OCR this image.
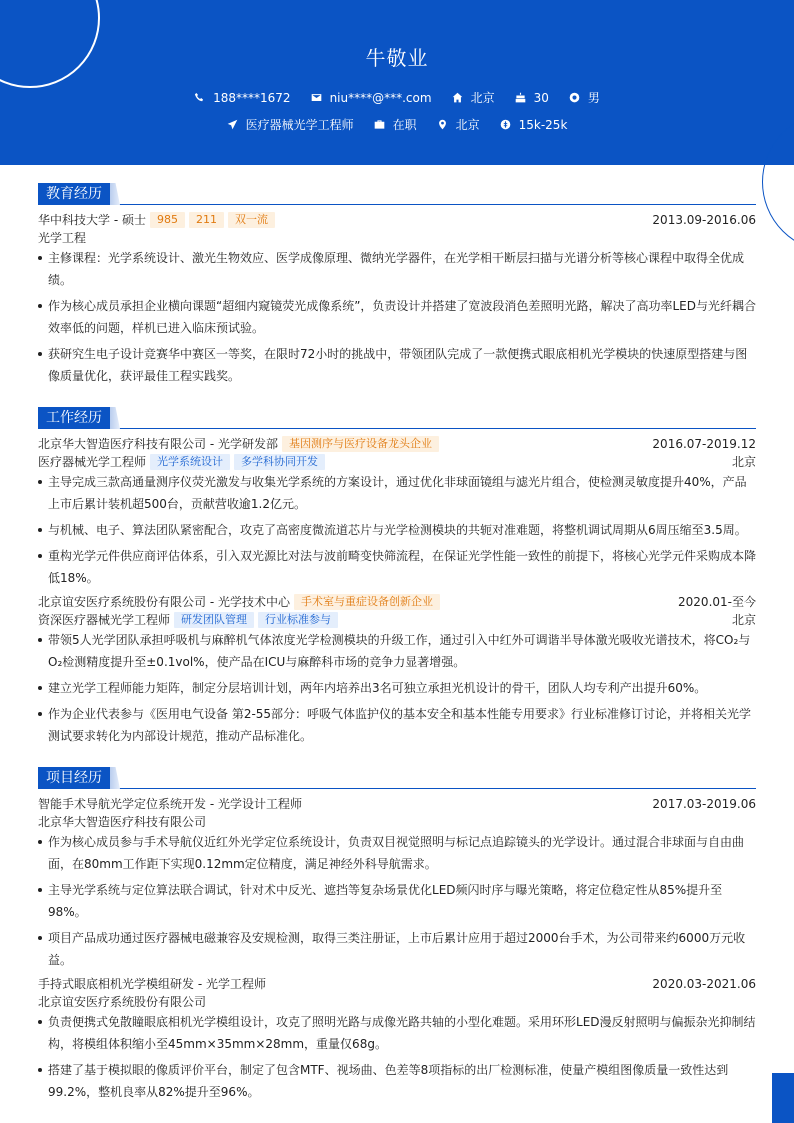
牛敬业
188****1672	niu****@***.com	北京	30	男
医疗器械光学工程师	在职	北京	15k-25k
教育经历
华中科技大学 - 硕士	985	211	双一流	2013.09-2016.06
光学工程
主修课程：光学系统设计、激光生物效应、医学成像原理、微纳光学器件，在光学相干断层扫描与光谱分析等核心课程中取得全优成绩。
作为核心成员承担企业横向课题“超细内窥镜荧光成像系统”，负责设计并搭建了宽波段消色差照明光路，解决了高功率LED与光纤耦合效率低的问题，样机已进入临床预试验。
获研究生电子设计竞赛华中赛区一等奖，在限时72小时的挑战中，带领团队完成了一款便携式眼底相机光学模块的快速原型搭建与图像质量优化，获评最佳工程实践奖。
工作经历
北京华大智造医疗科技有限公司 - 光学研发部	基因测序与医疗设备龙头企业	2016.07-2019.12
医疗器械光学工程师	光学系统设计	多学科协同开发	北京
主导完成三款高通量测序仪荧光激发与收集光学系统的方案设计，通过优化非球面镜组与滤光片组合，使检测灵敏度提升40%，产品上市后累计装机超500台，贡献营收逾1.2亿元。
与机械、电子、算法团队紧密配合，攻克了高密度微流道芯片与光学检测模块的共轭对准难题，将整机调试周期从6周压缩至3.5周。
重构光学元件供应商评估体系，引入双光源比对法与波前畸变快筛流程，在保证光学性能一致性的前提下，将核心光学元件采购成本降低18%。
北京谊安医疗系统股份有限公司 - 光学技术中心	手术室与重症设备创新企业	2020.01-至今
资深医疗器械光学工程师	研发团队管理	行业标准参与	北京
带领5人光学团队承担呼吸机与麻醉机气体浓度光学检测模块的升级工作，通过引入中红外可调谐半导体激光吸收光谱技术，将CO₂与O₂检测精度提升至±0.1vol%，使产品在ICU与麻醉科市场的竞争力显著增强。
建立光学工程师能力矩阵，制定分层培训计划，两年内培养出3名可独立承担光机设计的骨干，团队人均专利产出提升60%。
作为企业代表参与《医用电气设备 第2-55部分：呼吸气体监护仪的基本安全和基本性能专用要求》行业标准修订讨论，并将相关光学测试要求转化为内部设计规范，推动产品标准化。
项目经历
智能手术导航光学定位系统开发 - 光学设计工程师	2017.03-2019.06
北京华大智造医疗科技有限公司
作为核心成员参与手术导航仪近红外光学定位系统设计，负责双目视觉照明与标记点追踪镜头的光学设计。通过混合非球面与自由曲面，在80mm工作距下实现0.12mm定位精度，满足神经外科导航需求。
主导光学系统与定位算法联合调试，针对术中反光、遮挡等复杂场景优化LED频闪时序与曝光策略，将定位稳定性从85%提升至98%。
项目产品成功通过医疗器械电磁兼容及安规检测，取得三类注册证，上市后累计应用于超过2000台手术，为公司带来约6000万元收益。
手持式眼底相机光学模组研发 - 光学工程师	2020.03-2021.06
北京谊安医疗系统股份有限公司
负责便携式免散瞳眼底相机光学模组设计，攻克了照明光路与成像光路共轴的小型化难题。采用环形LED漫反射照明与偏振杂光抑制结构，将模组体积缩小至45mm×35mm×28mm，重量仅68g。
搭建了基于模拟眼的像质评价平台，制定了包含MTF、视场曲、色差等8项指标的出厂检测标准，使量产模组图像质量一致性达到99.2%，整机良率从82%提升至96%。
